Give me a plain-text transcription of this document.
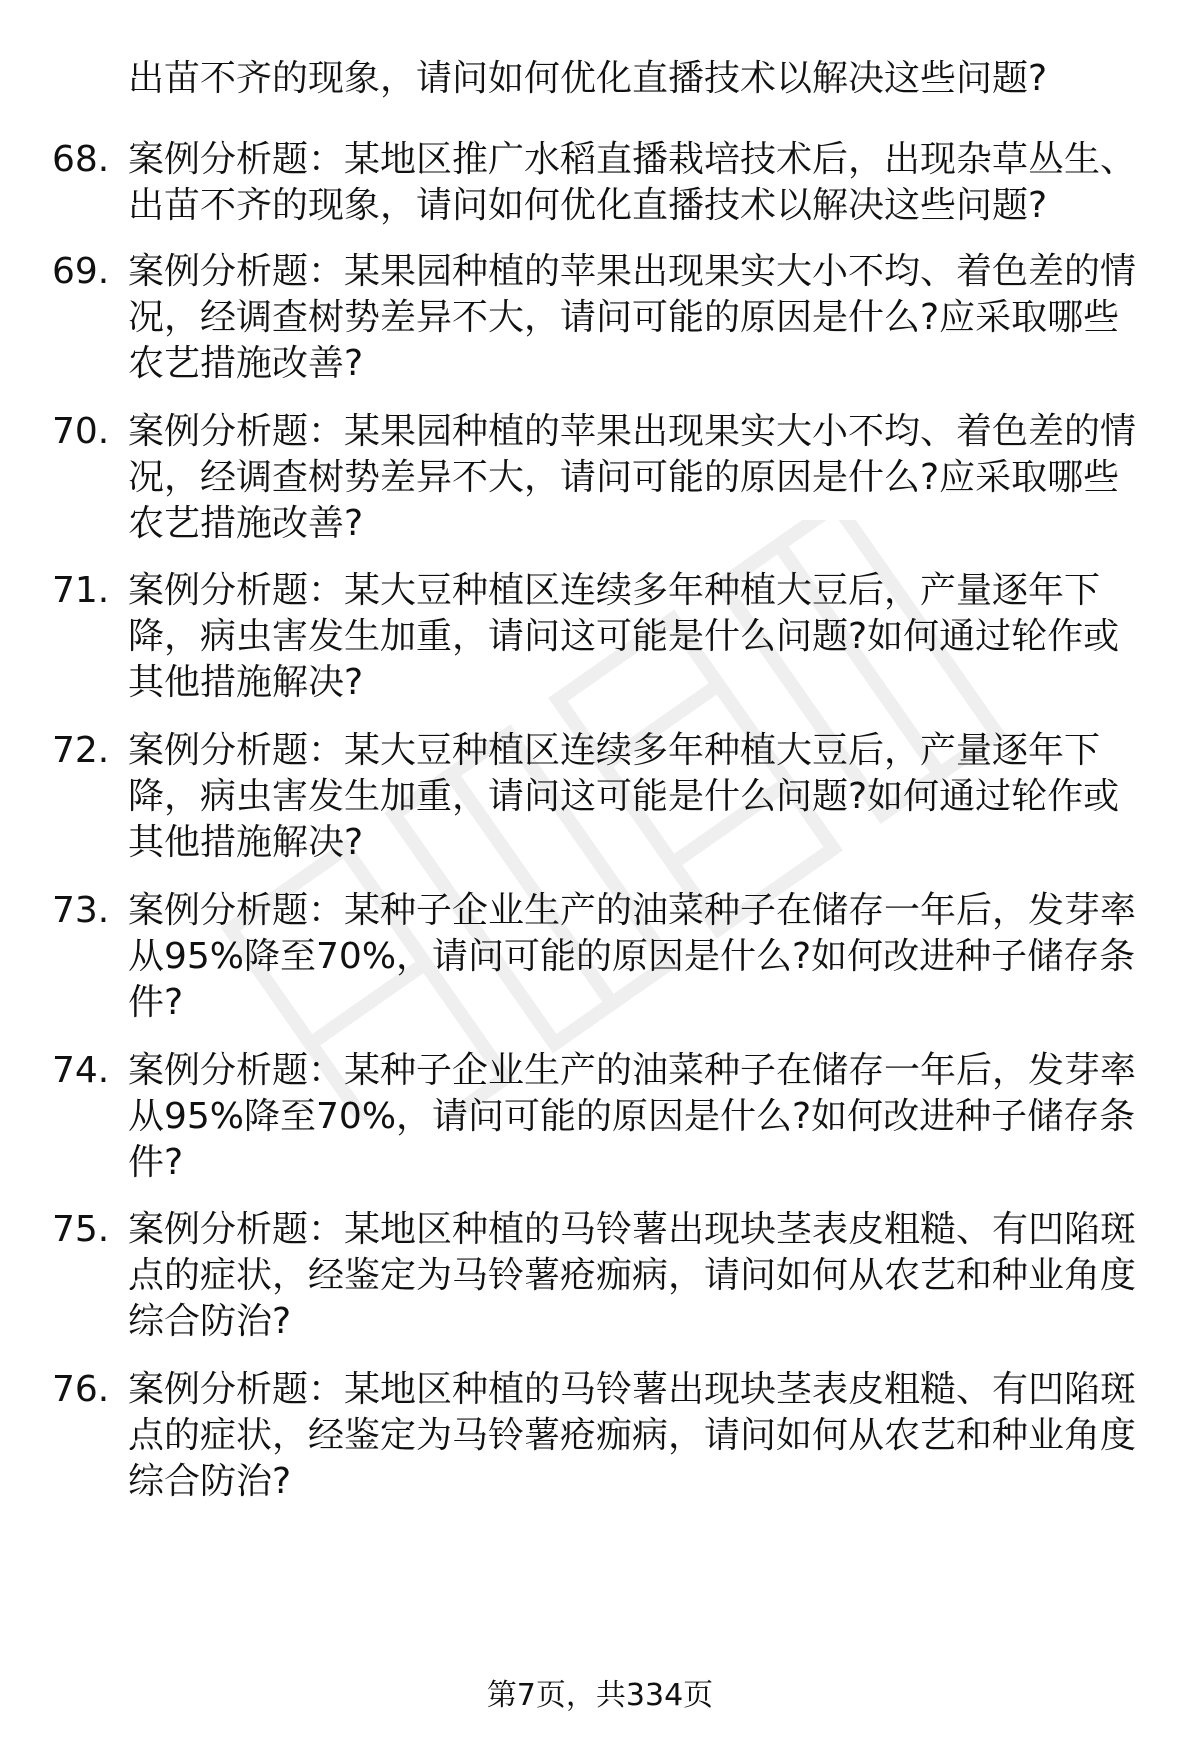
出苗不齐的现象，请问如何优化直播技术以解决这些问题?

68. 案例分析题：某地区推广水稻直播栽培技术后，出现杂草丛生、出苗不齐的现象，请问如何优化直播技术以解决这些问题?

69. 案例分析题：某果园种植的苹果出现果实大小不均、着色差的情况，经调查树势差异不大，请问可能的原因是什么?应采取哪些农艺措施改善?

70. 案例分析题：某果园种植的苹果出现果实大小不均、着色差的情况，经调查树势差异不大，请问可能的原因是什么?应采取哪些农艺措施改善?

71. 案例分析题：某大豆种植区连续多年种植大豆后，产量逐年下降，病虫害发生加重，请问这可能是什么问题?如何通过轮作或其他措施解决?

72. 案例分析题：某大豆种植区连续多年种植大豆后，产量逐年下降，病虫害发生加重，请问这可能是什么问题?如何通过轮作或其他措施解决?

73. 案例分析题：某种子企业生产的油菜种子在储存一年后，发芽率从95%降至70%，请问可能的原因是什么?如何改进种子储存条件?

74. 案例分析题：某种子企业生产的油菜种子在储存一年后，发芽率从95%降至70%，请问可能的原因是什么?如何改进种子储存条件?

75. 案例分析题：某地区种植的马铃薯出现块茎表皮粗糙、有凹陷斑点的症状，经鉴定为马铃薯疮痂病，请问如何从农艺和种业角度综合防治?

76. 案例分析题：某地区种植的马铃薯出现块茎表皮粗糙、有凹陷斑点的症状，经鉴定为马铃薯疮痂病，请问如何从农艺和种业角度综合防治?

第7页，共334页
